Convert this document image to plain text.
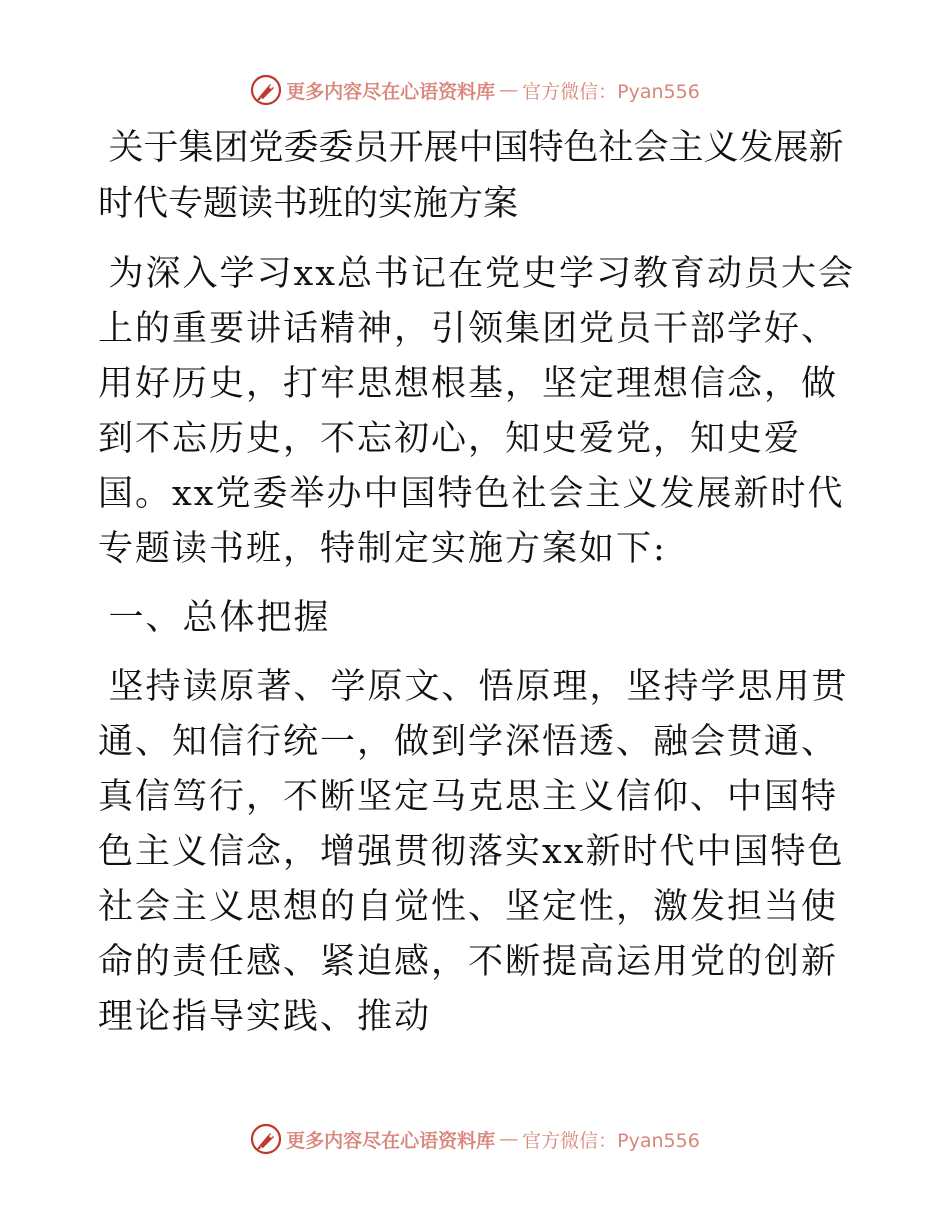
更多内容尽在心语资料库 — 官方微信：Pyan556
关于集团党委委员开展中国特色社会主义发展新时代专题读书班的实施方案
为深入学习xx总书记在党史学习教育动员大会上的重要讲话精神，引领集团党员干部学好、用好历史，打牢思想根基，坚定理想信念，做到不忘历史，不忘初心，知史爱党，知史爱国。xx党委举办中国特色社会主义发展新时代专题读书班，特制定实施方案如下:
一、总体把握
坚持读原著、学原文、悟原理，坚持学思用贯通、知信行统一，做到学深悟透、融会贯通、真信笃行，不断坚定马克思主义信仰、中国特色主义信念，增强贯彻落实xx新时代中国特色社会主义思想的自觉性、坚定性，激发担当使命的责任感、紧迫感，不断提高运用党的创新理论指导实践、推动
更多内容尽在心语资料库 — 官方微信：Pyan556
